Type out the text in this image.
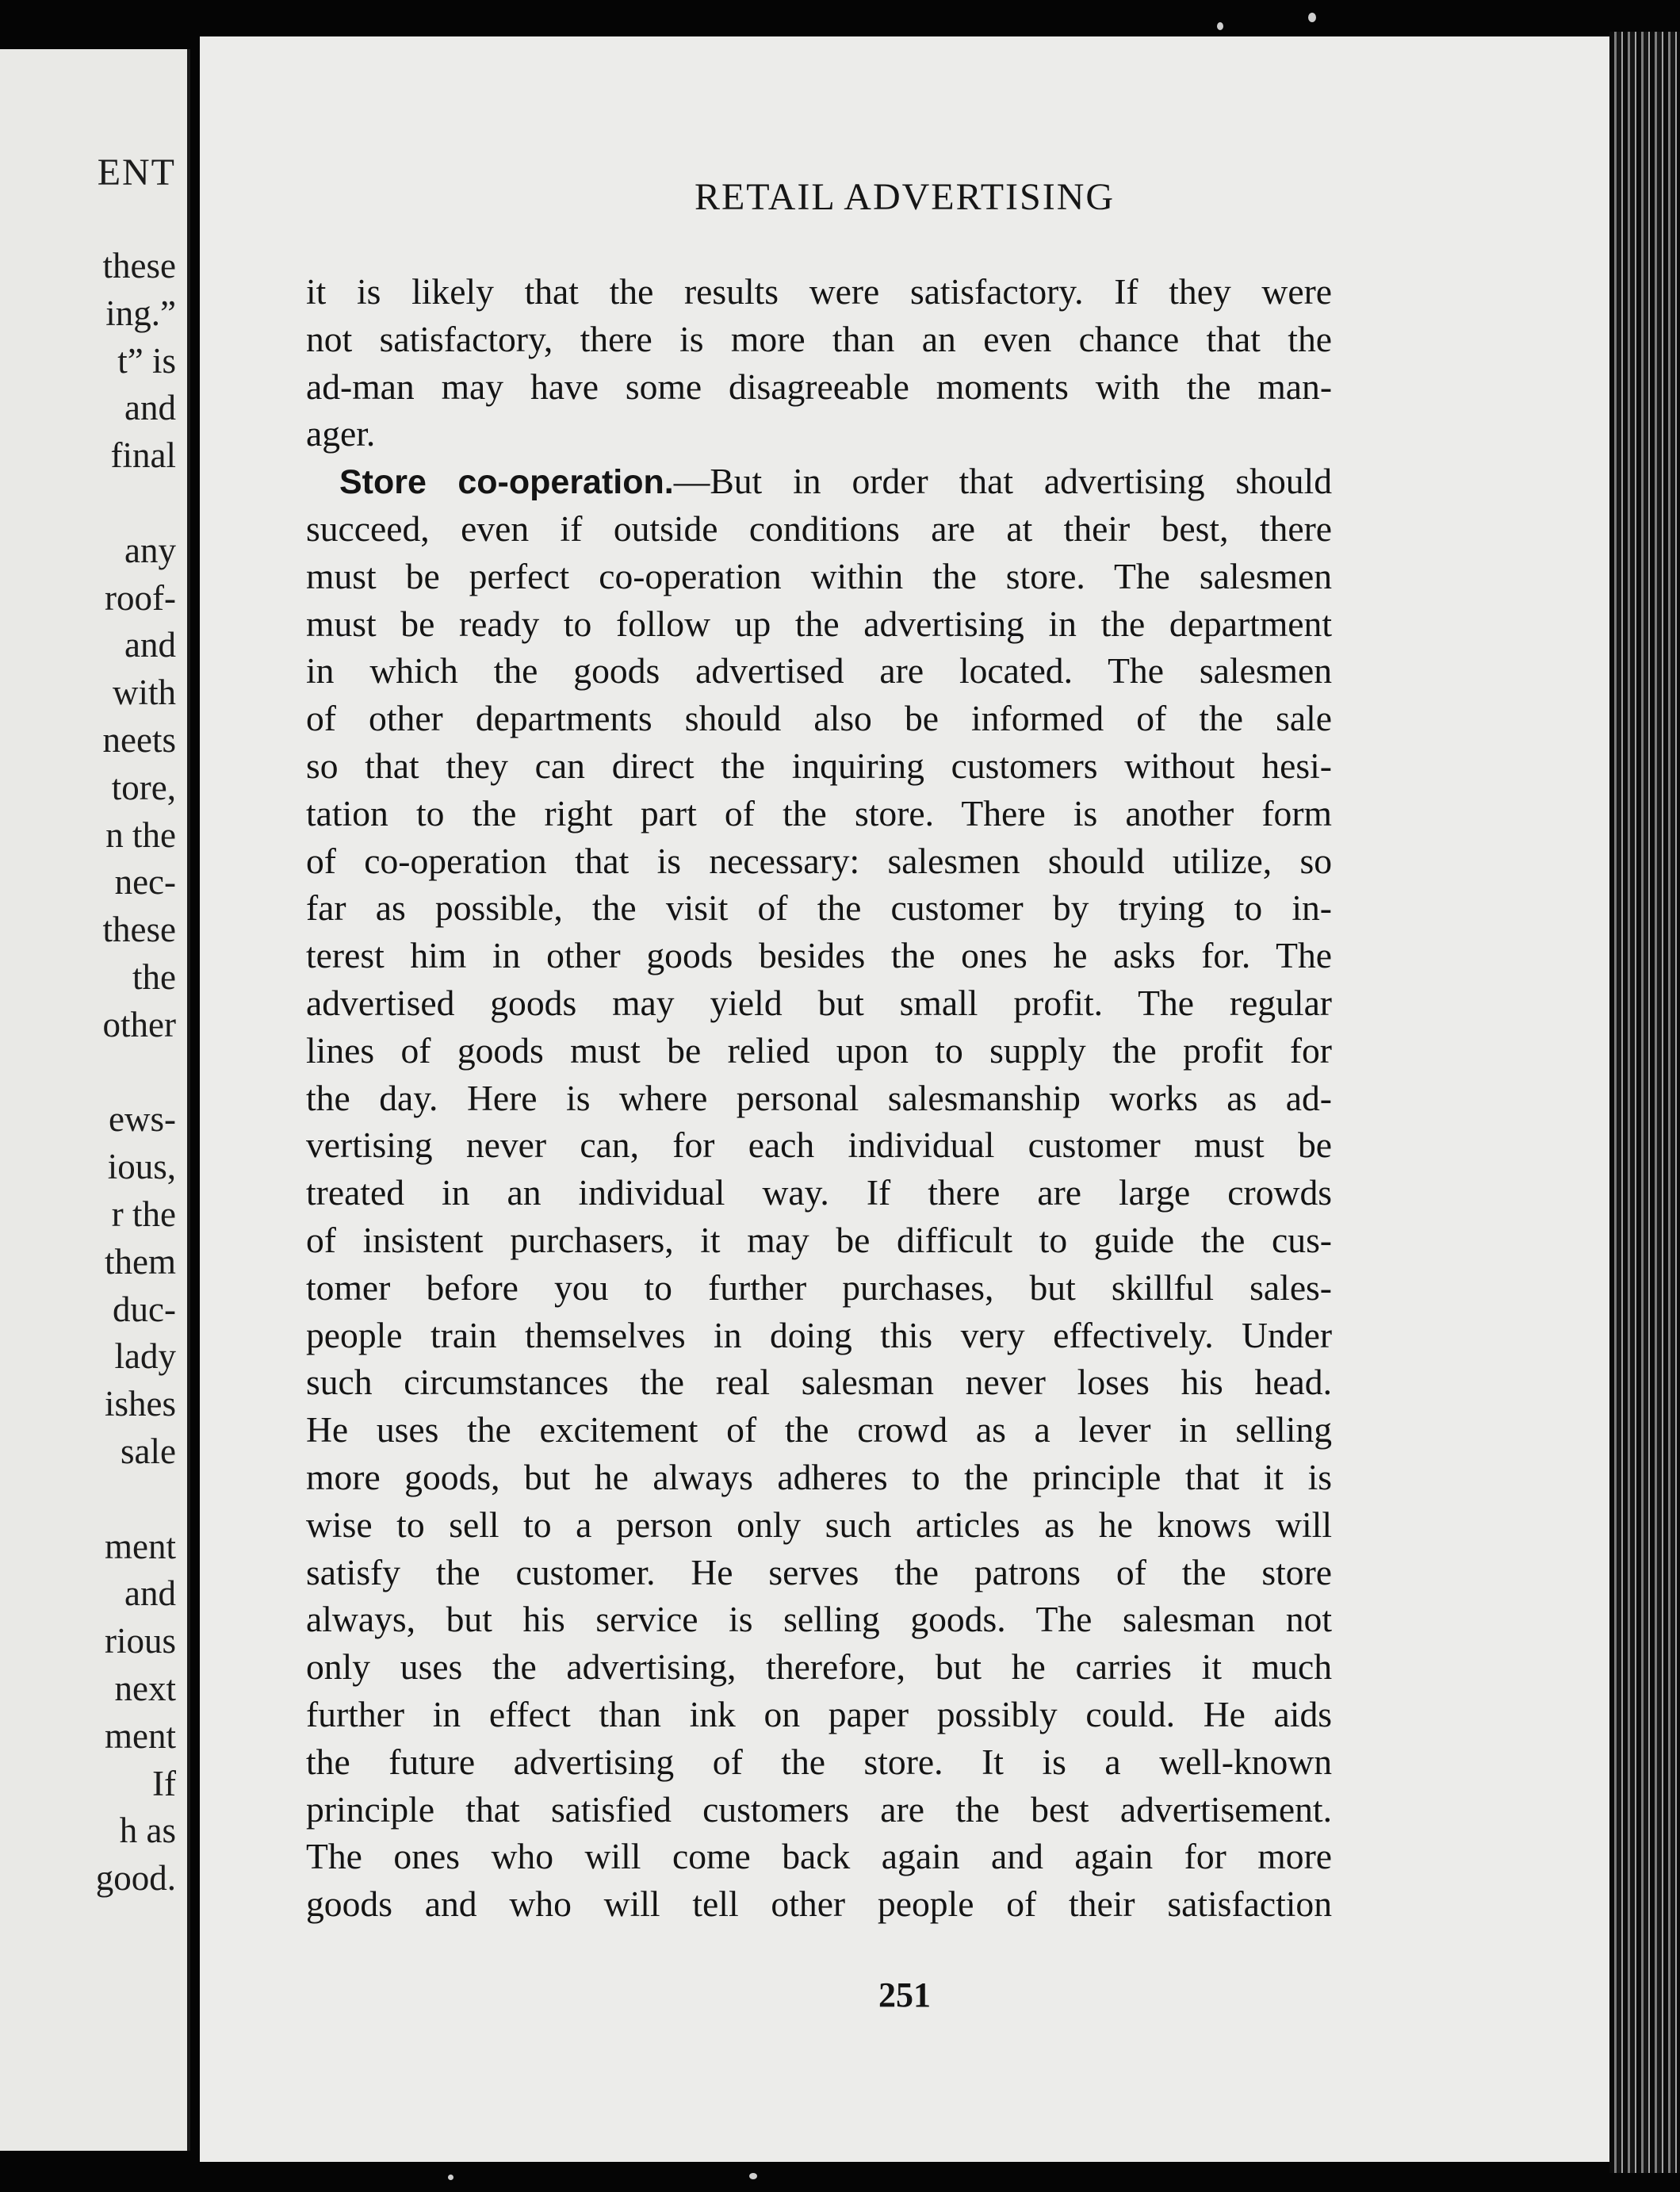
ENT
these
ing.”
t” is
and
final
any
roof-
and
with
neets
tore,
n the
nec-
these
the
other
ews-
ious,
r the
them
duc-
lady
ishes
sale
ment
and
rious
next
ment
If
h as
good.
RETAIL ADVERTISING
it is likely that the results were satisfactory. If they were
not satisfactory, there is more than an even chance that the
ad-man may have some disagreeable moments with the man-
ager.
Store co-operation.—But in order that advertising should
succeed, even if outside conditions are at their best, there
must be perfect co-operation within the store. The salesmen
must be ready to follow up the advertising in the department
in which the goods advertised are located. The salesmen
of other departments should also be informed of the sale
so that they can direct the inquiring customers without hesi-
tation to the right part of the store. There is another form
of co-operation that is necessary: salesmen should utilize, so
far as possible, the visit of the customer by trying to in-
terest him in other goods besides the ones he asks for. The
advertised goods may yield but small profit. The regular
lines of goods must be relied upon to supply the profit for
the day. Here is where personal salesmanship works as ad-
vertising never can, for each individual customer must be
treated in an individual way. If there are large crowds
of insistent purchasers, it may be difficult to guide the cus-
tomer before you to further purchases, but skillful sales-
people train themselves in doing this very effectively. Under
such circumstances the real salesman never loses his head.
He uses the excitement of the crowd as a lever in selling
more goods, but he always adheres to the principle that it is
wise to sell to a person only such articles as he knows will
satisfy the customer. He serves the patrons of the store
always, but his service is selling goods. The salesman not
only uses the advertising, therefore, but he carries it much
further in effect than ink on paper possibly could. He aids
the future advertising of the store. It is a well-known
principle that satisfied customers are the best advertisement.
The ones who will come back again and again for more
goods and who will tell other people of their satisfaction
251
